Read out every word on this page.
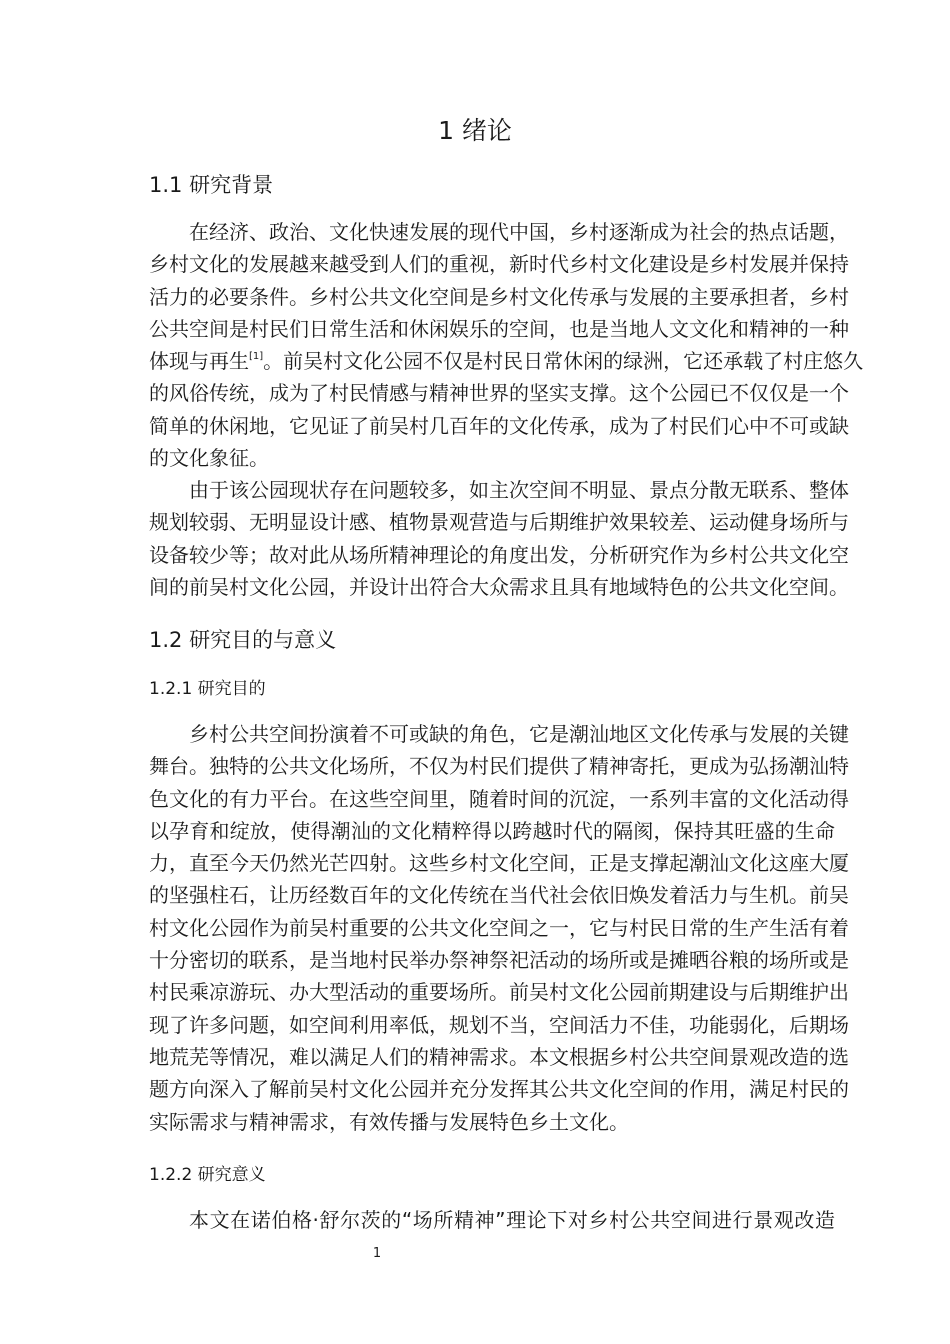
1 绪论
1.1 研究背景
在经济、政治、文化快速发展的现代中国，乡村逐渐成为社会的热点话题，
乡村文化的发展越来越受到人们的重视，新时代乡村文化建设是乡村发展并保持
活力的必要条件。乡村公共文化空间是乡村文化传承与发展的主要承担者，乡村
公共空间是村民们日常生活和休闲娱乐的空间，也是当地人文文化和精神的一种
体现与再生[1]。前吴村文化公园不仅是村民日常休闲的绿洲，它还承载了村庄悠久
的风俗传统，成为了村民情感与精神世界的坚实支撑。这个公园已不仅仅是一个
简单的休闲地，它见证了前吴村几百年的文化传承，成为了村民们心中不可或缺
的文化象征。
由于该公园现状存在问题较多，如主次空间不明显、景点分散无联系、整体
规划较弱、无明显设计感、植物景观营造与后期维护效果较差、运动健身场所与
设备较少等；故对此从场所精神理论的角度出发，分析研究作为乡村公共文化空
间的前吴村文化公园，并设计出符合大众需求且具有地域特色的公共文化空间。
1.2 研究目的与意义
1.2.1 研究目的
乡村公共空间扮演着不可或缺的角色，它是潮汕地区文化传承与发展的关键
舞台。独特的公共文化场所，不仅为村民们提供了精神寄托，更成为弘扬潮汕特
色文化的有力平台。在这些空间里，随着时间的沉淀，一系列丰富的文化活动得
以孕育和绽放，使得潮汕的文化精粹得以跨越时代的隔阂，保持其旺盛的生命
力，直至今天仍然光芒四射。这些乡村文化空间，正是支撑起潮汕文化这座大厦
的坚强柱石，让历经数百年的文化传统在当代社会依旧焕发着活力与生机。前吴
村文化公园作为前吴村重要的公共文化空间之一，它与村民日常的生产生活有着
十分密切的联系，是当地村民举办祭神祭祀活动的场所或是摊晒谷粮的场所或是
村民乘凉游玩、办大型活动的重要场所。前吴村文化公园前期建设与后期维护出
现了许多问题，如空间利用率低，规划不当，空间活力不佳，功能弱化，后期场
地荒芜等情况，难以满足人们的精神需求。本文根据乡村公共空间景观改造的选
题方向深入了解前吴村文化公园并充分发挥其公共文化空间的作用，满足村民的
实际需求与精神需求，有效传播与发展特色乡土文化。
1.2.2 研究意义
本文在诺伯格·舒尔茨的“场所精神”理论下对乡村公共空间进行景观改造
1
